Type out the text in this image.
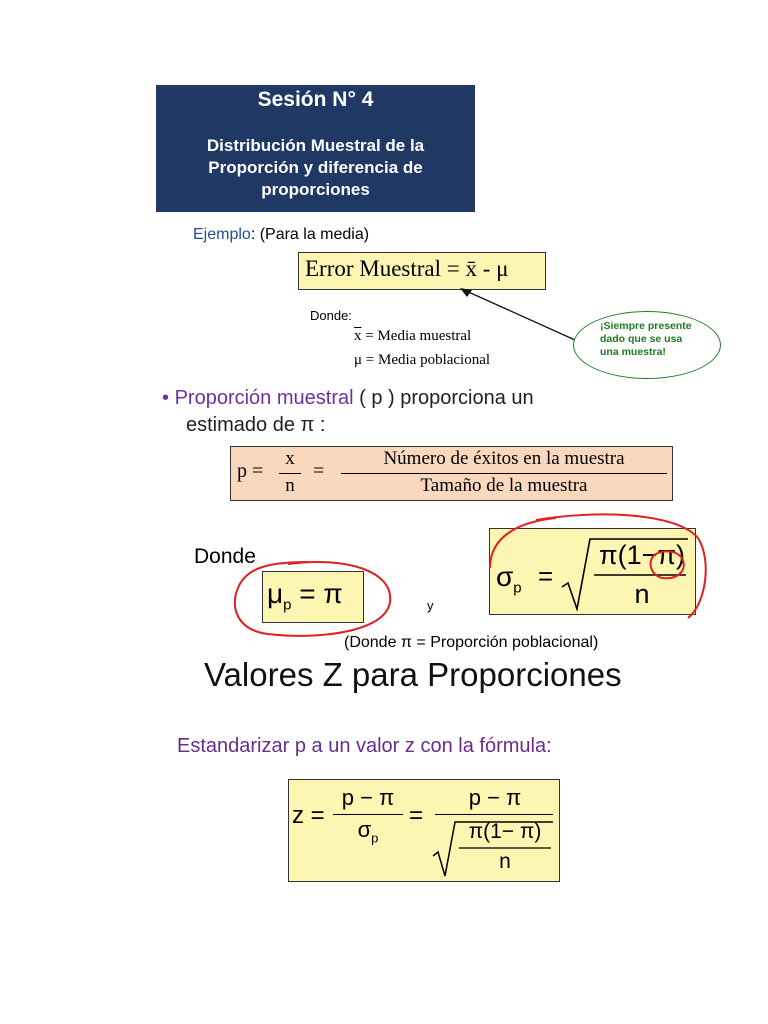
Sesión N° 4
Distribución Muestral de la Proporción y diferencia de proporciones
Ejemplo: (Para la media)
Error Muestral = x̄ - μ
Donde:
$\overline{x}$ = Media muestral
μ = Media poblacional
¡Siempre presente dado que se usa una muestra!
• Proporción muestral ( p ) proporciona un
estimado de π :
p =
x
n
=
Número de éxitos en la muestra
Tamaño de la muestra
Donde
$\mu_p = \pi$	y
$\sigma_p$ =
π(1−π)
n
(Donde π = Proporción poblacional)
Valores Z para Proporciones
Estandarizar p a un valor z con la fórmula:
z =
p − π
$\sigma_p$
=
p − π
π(1− π)
n
